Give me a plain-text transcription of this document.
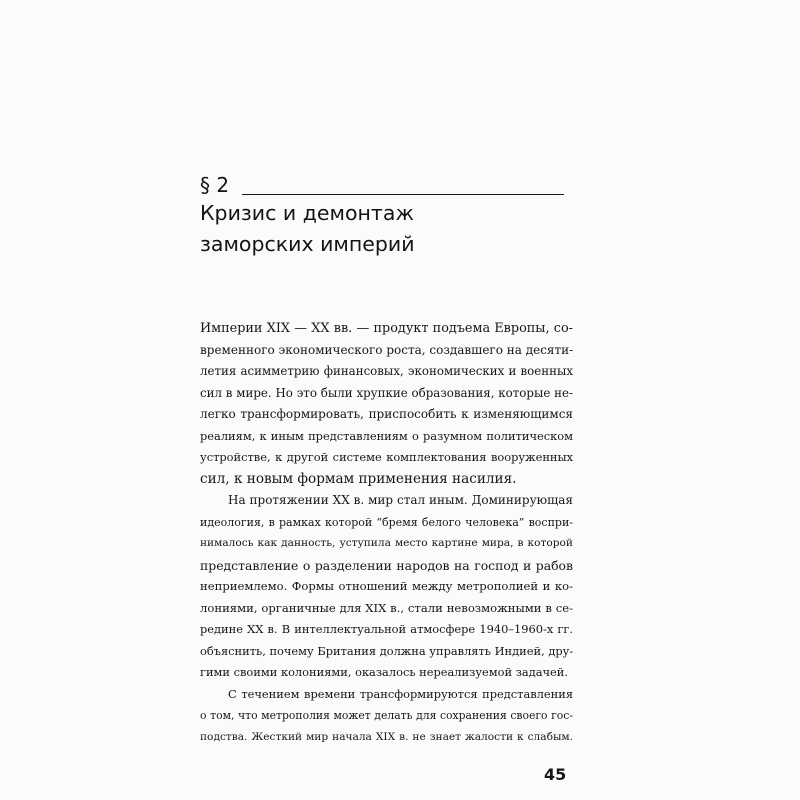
§ 2
Кризис и демонтаж
заморских империй
Империи XIX — XX вв. — продукт подъема Европы, со-
временного экономического роста, создавшего на десяти-
летия асимметрию финансовых, экономических и военных
сил в мире. Но это были хрупкие образования, которые не-
легко трансформировать, приспособить к изменяющимся
реалиям, к иным представлениям о разумном политическом
устройстве, к другой системе комплектования вооруженных
сил, к новым формам применения насилия.
На протяжении XX в. мир стал иным. Доминирующая
идеология, в рамках которой “бремя белого человека” воспри-
нималось как данность, уступила место картине мира, в которой
представление о разделении народов на господ и рабов
неприемлемо. Формы отношений между метрополией и ко-
лониями, органичные для XIX в., стали невозможными в се-
редине XX в. В интеллектуальной атмосфере 1940–1960-х гг.
объяснить, почему Британия должна управлять Индией, дру-
гими своими колониями, оказалось нереализуемой задачей.
С течением времени трансформируются представления
о том, что метрополия может делать для сохранения своего гос-
подства. Жесткий мир начала XIX в. не знает жалости к слабым.
45
